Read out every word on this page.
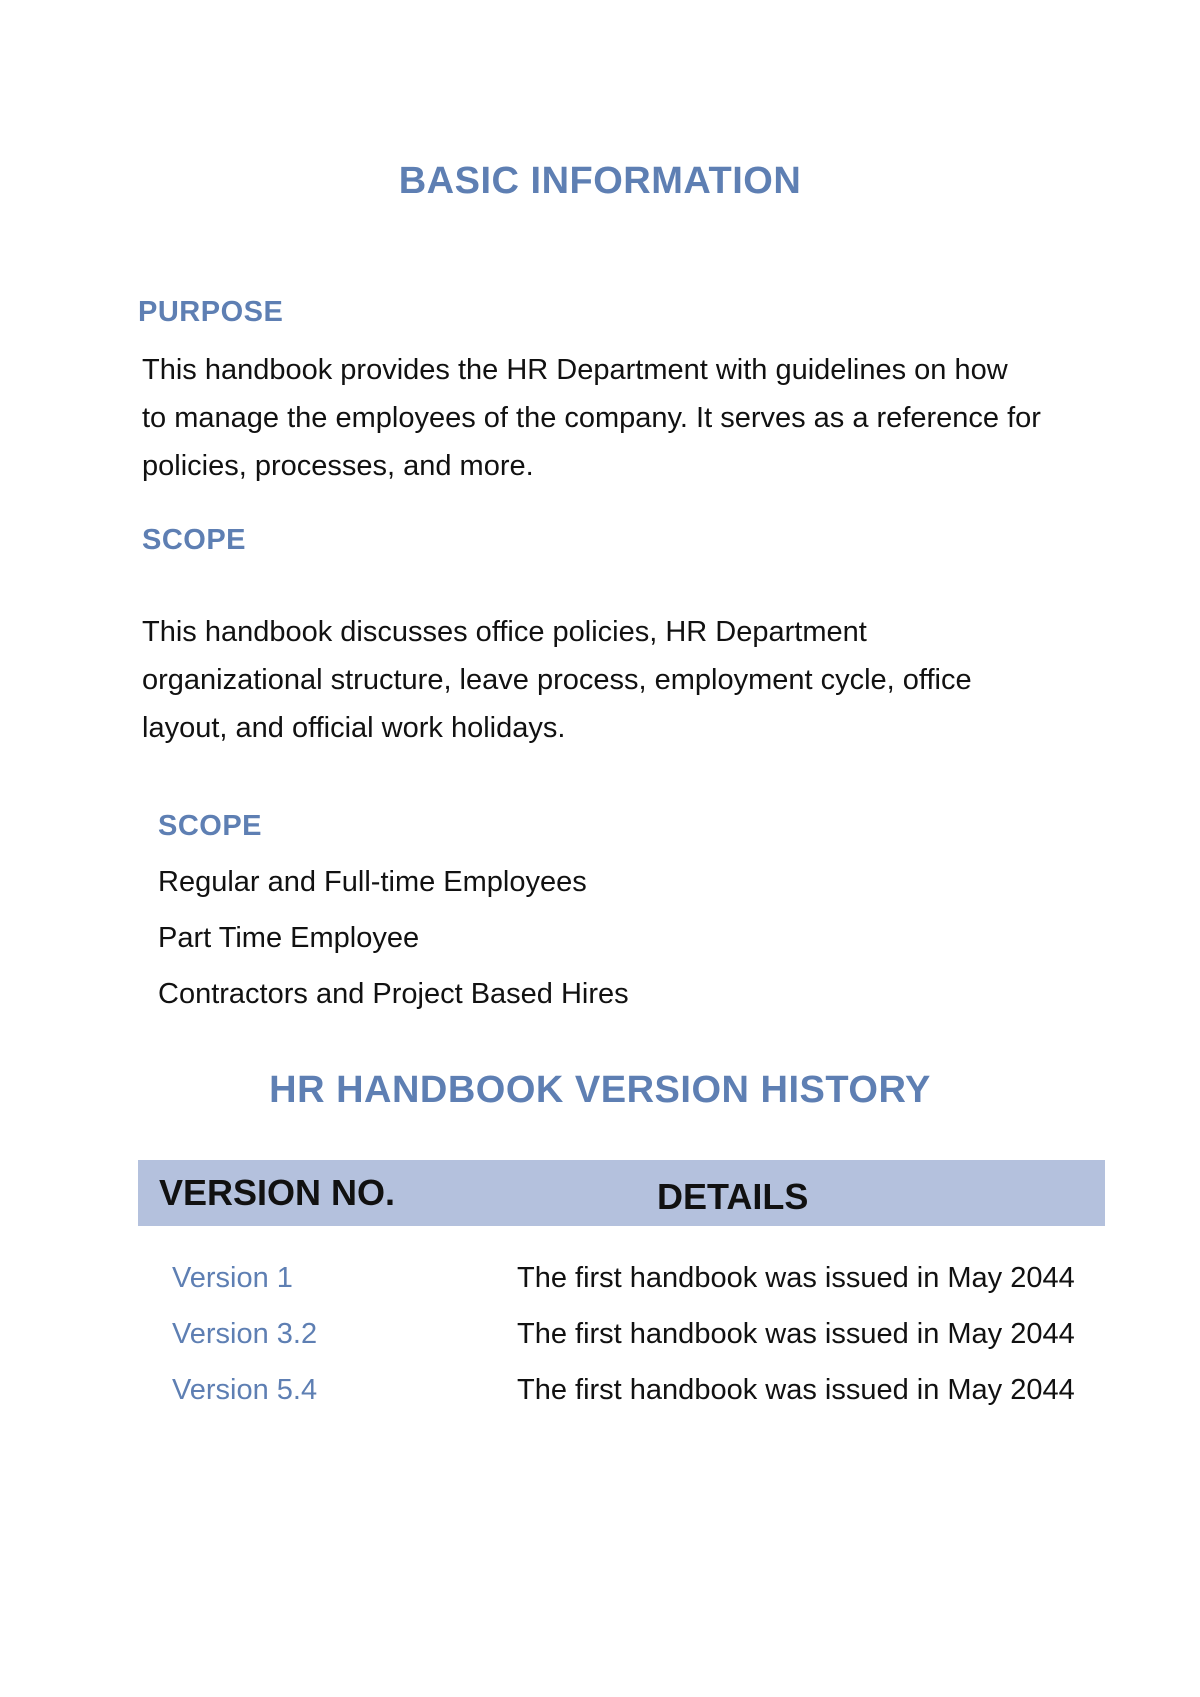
BASIC INFORMATION
PURPOSE
This handbook provides the HR Department with guidelines on how
to manage the employees of the company. It serves as a reference for
policies, processes, and more.
SCOPE
This handbook discusses office policies, HR Department
organizational structure, leave process, employment cycle, office
layout, and official work holidays.
SCOPE
Regular and Full-time Employees
Part Time Employee
Contractors and Project Based Hires
HR HANDBOOK VERSION HISTORY
VERSION NO.	DETAILS
Version 1	The first handbook was issued in May 2044
Version 3.2	The first handbook was issued in May 2044
Version 5.4	The first handbook was issued in May 2044
